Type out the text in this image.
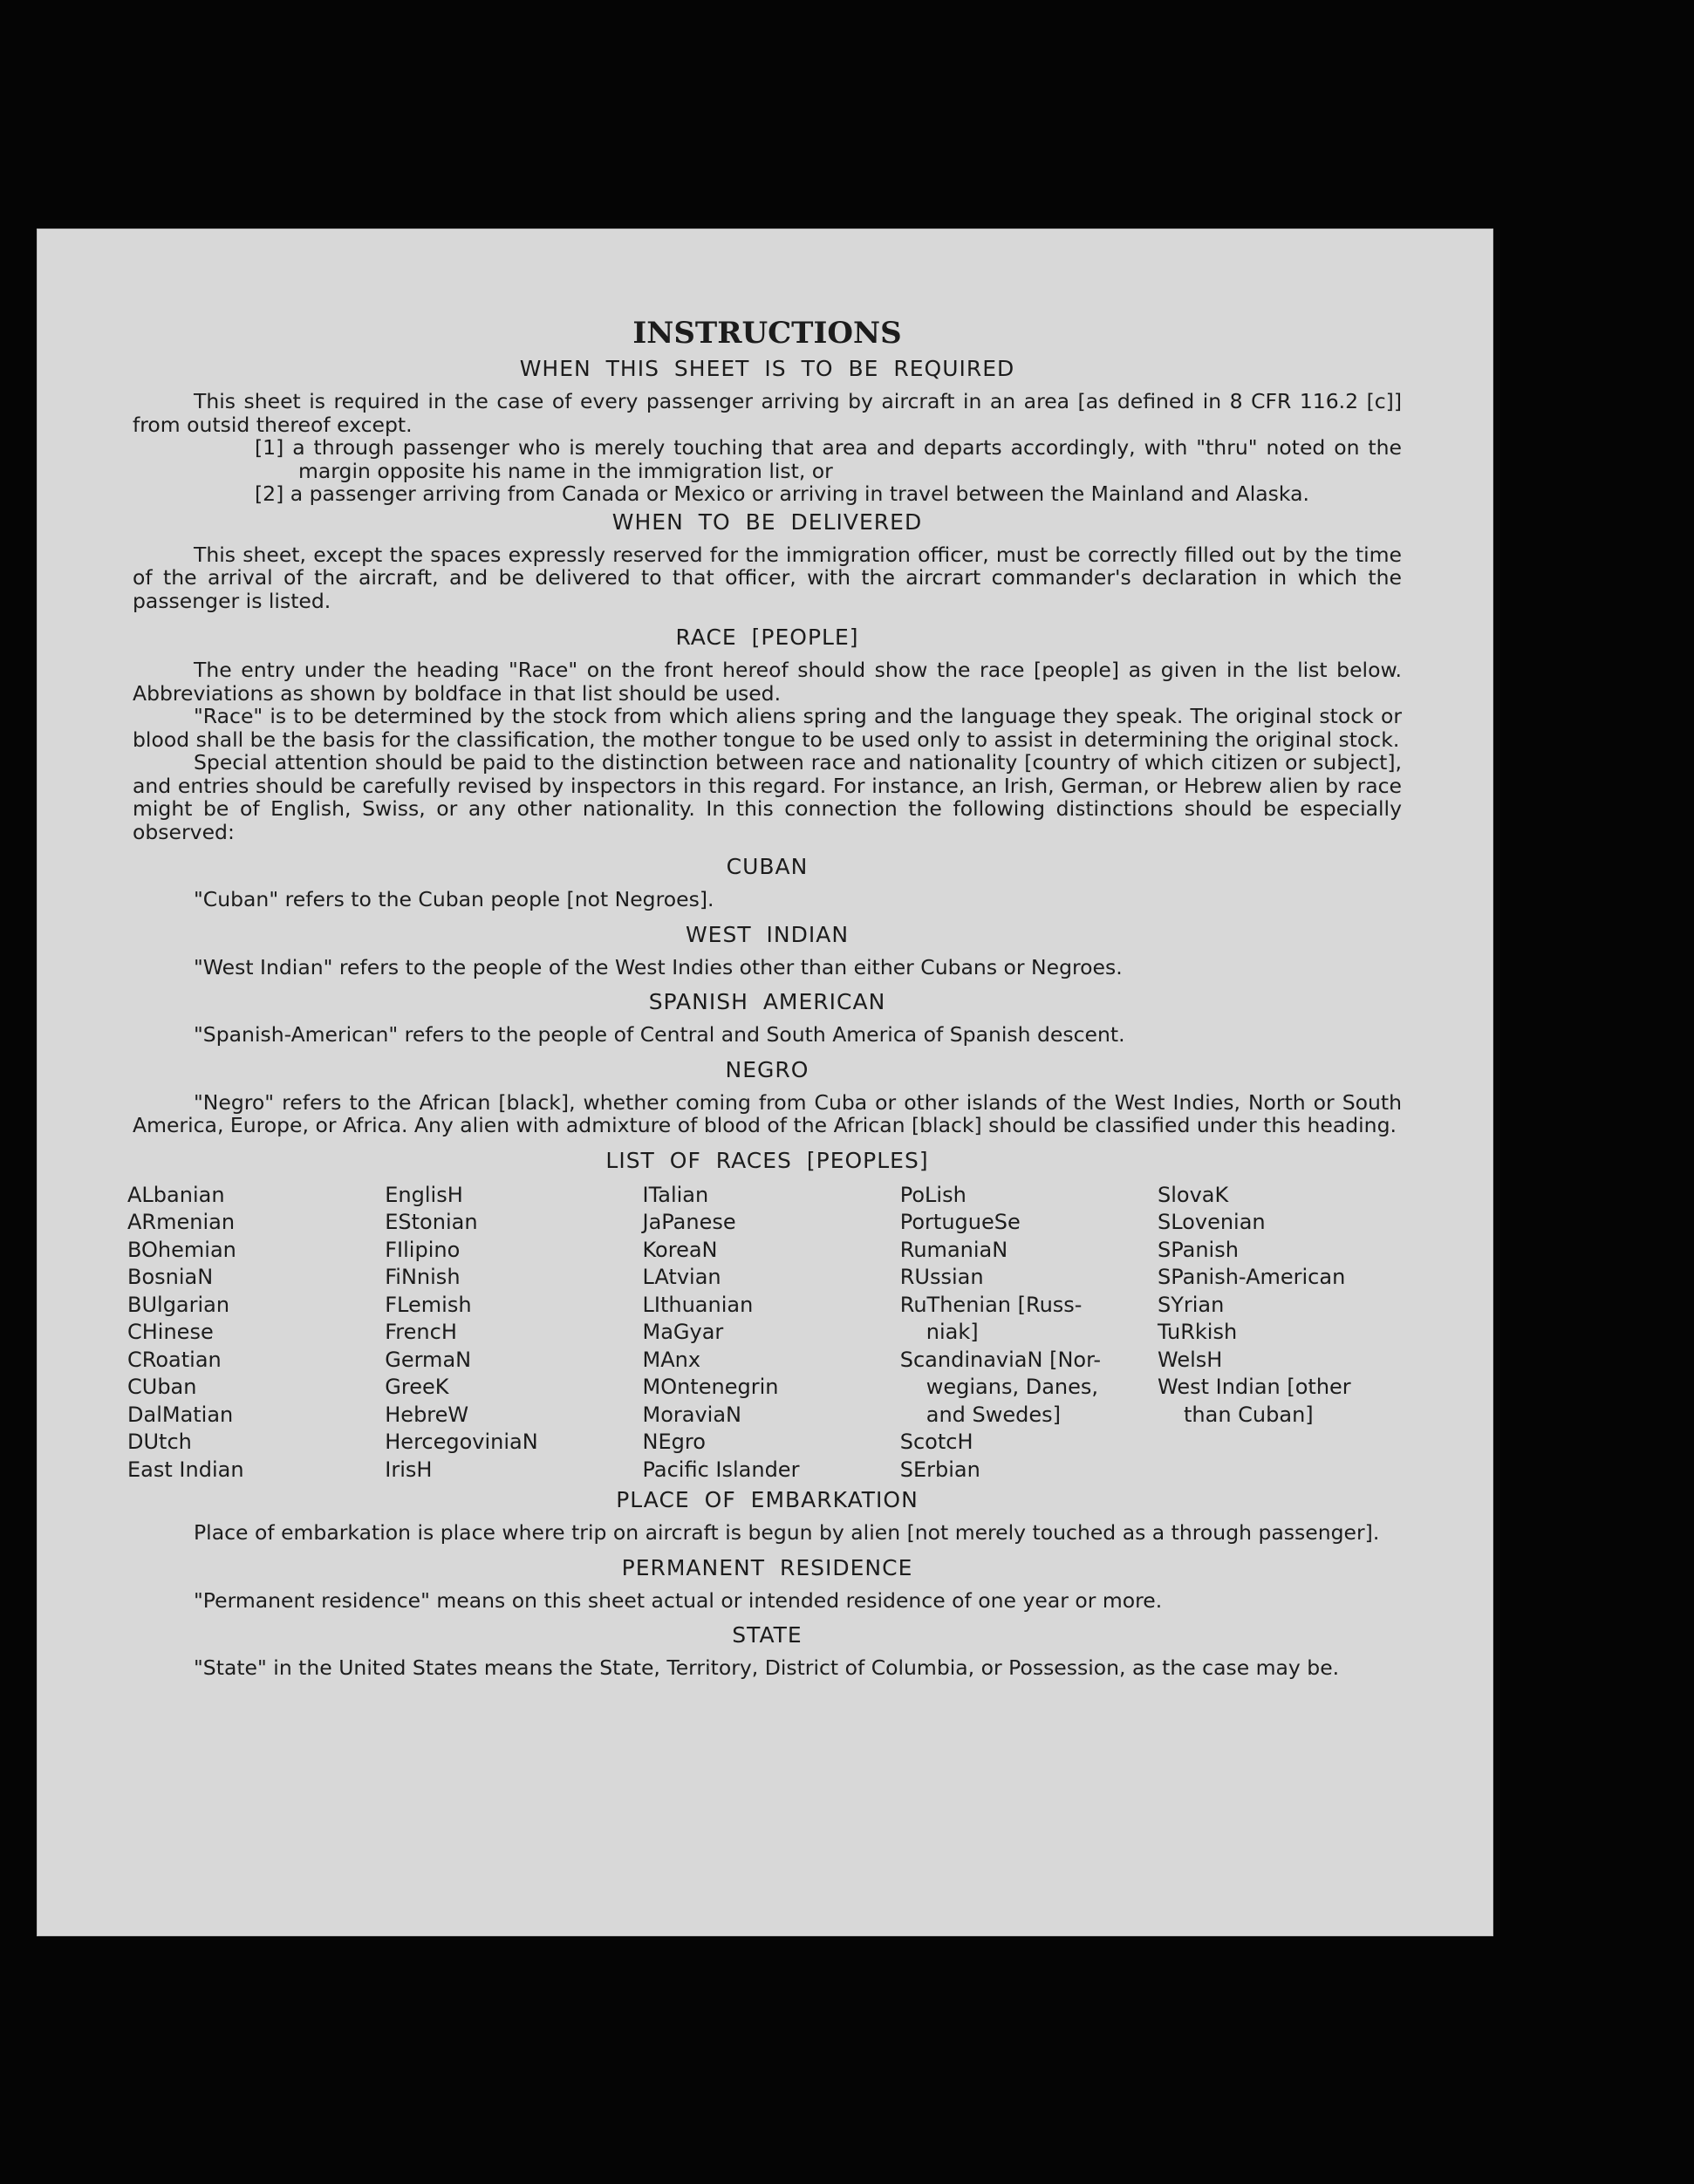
INSTRUCTIONS
WHEN THIS SHEET IS TO BE REQUIRED

This sheet is required in the case of every passenger arriving by aircraft in an area [as defined in 8 CFR 116.2 [c]] from outsid thereof except.

[1] a through passenger who is merely touching that area and departs accordingly, with "thru" noted on the margin opposite his name in the immigration list, or
[2] a passenger arriving from Canada or Mexico or arriving in travel between the Mainland and Alaska.
WHEN TO BE DELIVERED

This sheet, except the spaces expressly reserved for the immigration officer, must be correctly filled out by the time of the arrival of the aircraft, and be delivered to that officer, with the aircrart commander's declaration in which the passenger is listed.

RACE [PEOPLE]

The entry under the heading "Race" on the front hereof should show the race [people] as given in the list below. Abbreviations as shown by boldface in that list should be used.

"Race" is to be determined by the stock from which aliens spring and the language they speak. The original stock or blood shall be the basis for the classification, the mother tongue to be used only to assist in determining the original stock.

Special attention should be paid to the distinction between race and nationality [country of which citizen or subject], and entries should be carefully revised by inspectors in this regard. For instance, an Irish, German, or Hebrew alien by race might be of English, Swiss, or any other nationality. In this connection the following distinctions should be especially observed:

CUBAN

"Cuban" refers to the Cuban people [not Negroes].

WEST INDIAN

"West Indian" refers to the people of the West Indies other than either Cubans or Negroes.

SPANISH AMERICAN

"Spanish-American" refers to the people of Central and South America of Spanish descent.

NEGRO

"Negro" refers to the African [black], whether coming from Cuba or other islands of the West Indies, North or South America, Europe, or Africa. Any alien with admixture of blood of the African [black] should be classified under this heading.

LIST OF RACES [PEOPLES]
ALbanian
ARmenian
BOhemian
BosniaN
BUlgarian
CHinese
CRoatian
CUban
DalMatian
DUtch
East Indian
EnglisH
EStonian
FIlipino
FiNnish
FLemish
FrencH
GermaN
GreeK
HebreW
HercegoviniaN
IrisH
ITalian
JaPanese
KoreaN
LAtvian
LIthuanian
MaGyar
MAnx
MOntenegrin
MoraviaN
NEgro
Pacific Islander
PoLish
PortugueSe
RumaniaN
RUssian
RuThenian [Russ-
niak]
ScandinaviaN [Nor-
wegians, Danes,
and Swedes]
ScotcH
SErbian
SlovaK
SLovenian
SPanish
SPanish-American
SYrian
TuRkish
WelsH
West Indian [other
than Cuban]
PLACE OF EMBARKATION

Place of embarkation is place where trip on aircraft is begun by alien [not merely touched as a through passenger].

PERMANENT RESIDENCE

"Permanent residence" means on this sheet actual or intended residence of one year or more.

STATE

"State" in the United States means the State, Territory, District of Columbia, or Possession, as the case may be.
